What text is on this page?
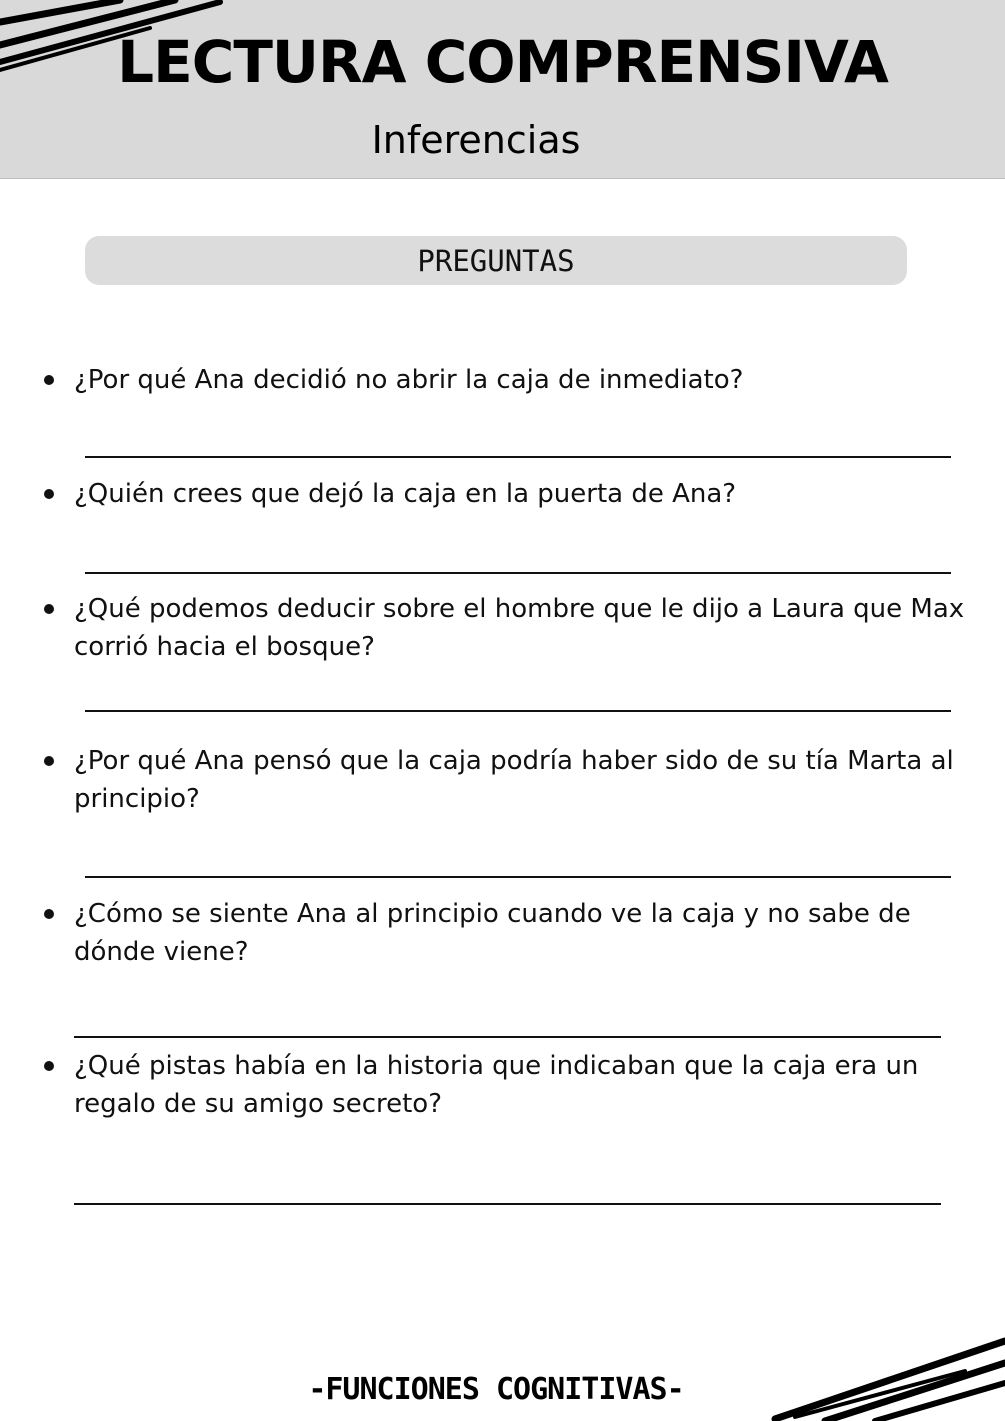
LECTURA COMPRENSIVA
Inferencias
PREGUNTAS
¿Por qué Ana decidió no abrir la caja de inmediato?
¿Quién crees que dejó la caja en la puerta de Ana?
¿Qué podemos deducir sobre el hombre que le dijo a Laura que Max corrió hacia el bosque?
¿Por qué Ana pensó que la caja podría haber sido de su tía Marta al principio?
¿Cómo se siente Ana al principio cuando ve la caja y no sabe de dónde viene?
¿Qué pistas había en la historia que indicaban que la caja era un regalo de su amigo secreto?
-FUNCIONES COGNITIVAS-
